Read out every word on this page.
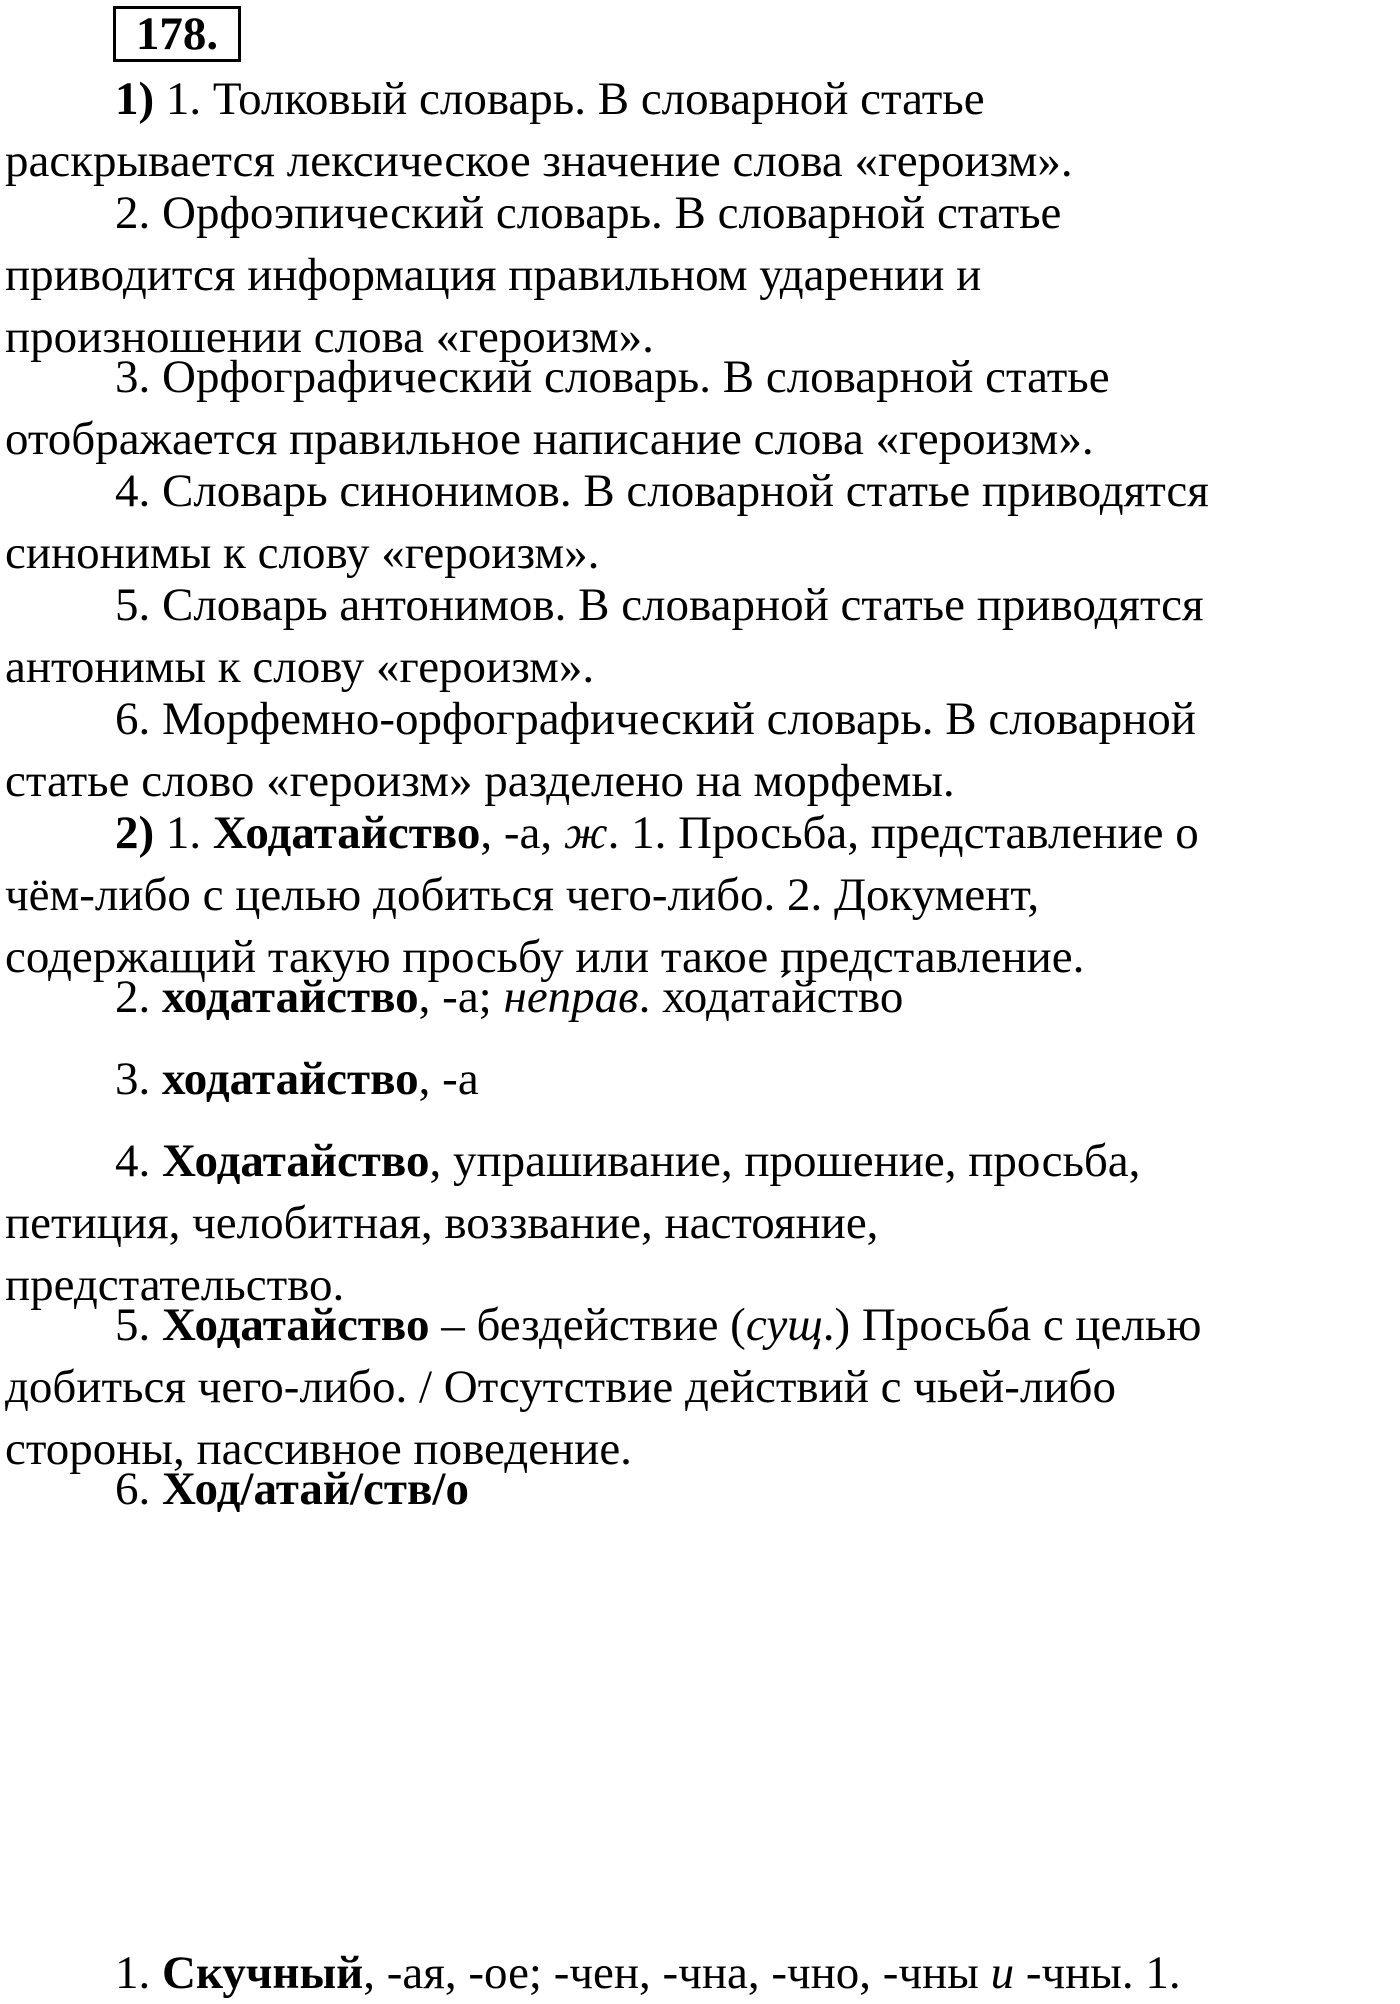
178.
1) 1. Толковый словарь. В словарной статье
раскрывается лексическое значение слова «героизм».
2. Орфоэпический словарь. В словарной статье
приводится информация правильном ударении и
произношении слова «героизм».
3. Орфографический словарь. В словарной статье
отображается правильное написание слова «героизм».
4. Словарь синонимов. В словарной статье приводятся
синонимы к слову «героизм».
5. Словарь антонимов. В словарной статье приводятся
антонимы к слову «героизм».
6. Морфемно-орфографический словарь. В словарной
статье слово «героизм» разделено на морфемы.
2) 1. Ходатайство, -а, ж. 1. Просьба, представление о
чём-либо с целью добиться чего-либо. 2. Документ,
содержащий такую просьбу или такое представление.
2. ходатайство, -а; неправ. ходата́йство
3. ходатайство, -а
4. Ходатайство, упрашивание, прошение, просьба,
петиция, челобитная, воззвание, настояние,
предстательство.
5. Ходатайство – бездействие (сущ.) Просьба с целью
добиться чего-либо. / Отсутствие действий с чьей-либо
стороны, пассивное поведение.
6. Ход/атай/ств/о
1. Скучный, -ая, -ое; -чен, -чна, -чно, -чны и -чны. 1.
